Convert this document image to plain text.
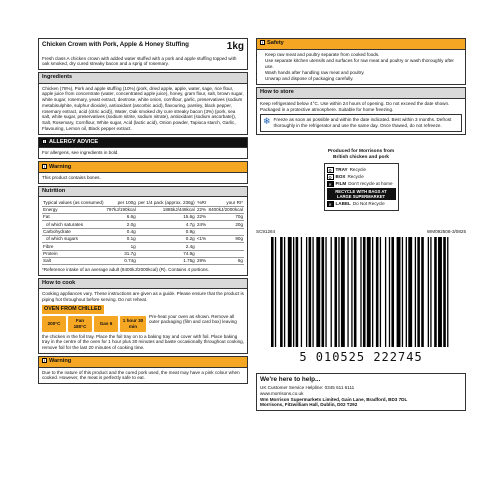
Chicken Crown with Pork, Apple & Honey Stuffing	1kg
Fresh class A chicken crown with added water stuffed with a pork and apple stuffing topped with oak smoked, dry cured streaky bacon and a sprig of rosemary.
Ingredients
Chicken (78%), Pork and apple stuffing (10%) (pork, dried apple, apple, water, sage, rice flour, apple juice from concentrate (water, concentrated apple juice), honey, gram flour, salt, brown sugar, white sugar, rosemary, yeast extract, dextrose, white onion, cornflour, garlic, preservatives (sodium metabisulphite, sulphur dioxide), antioxidant (ascorbic acid), flavouring, parsley, black pepper, rosemary extract, acid (citric acid)), Water, Oak smoked dry cure streaky bacon (3%) (pork, sea salt, white sugar, preservatives (sodium nitrite, sodium nitrate), antioxidant (sodium ascorbate)), Salt, Rosemary, Cornflour, White sugar, Acid (lactic acid), Onion powder, Tapioca starch, Garlic, Flavouring, Lemon oil, Black pepper extract.
! ALLERGY ADVICE
For allergens, see ingredients in bold.
! Warning
This product contains bones.
Nutrition
Typical values (as consumed)	per 100g	per 1/4 pack (approx. 236g)	%RI	your RI*
Energy	797kJ/190kcal	1885kJ/448kcal	22%	8400kJ/2000kcal
Fat	6.6g	15.6g	22%	70g
of which saturates	2.0g	4.7g	24%	20g
Carbohydrate	0.4g	0.9g		
of which sugars	0.1g	0.2g	<1%	90g
Fibre	1g	2.4g		
Protein	31.7g	74.9g		
Salt	0.74g	1.75g	29%	6g
*Reference intake of an average adult (8400kJ/2000kcal) (R). Contains 4 portions.
How to cook
Cooking appliances vary. These instructions are given as a guide. Please ensure that the product is piping hot throughout before serving. Do not reheat.
OVEN FROM CHILLED
200°C
Fan 180°C
Gas 6
1 hour 30 min
Pre-heat your oven as shown. Remove all outer packaging (film and card box) leaving
the chicken in the foil tray. Place the foil tray on to a baking tray and cover with foil. Place baking tray in the centre of the oven for 1 hour plus 30 minutes and baste occasionally throughout cooking, remove foil for the last 20 minutes of cooking time.
! Warning
Due to the nature of this product and the cured pork used, the meat may have a pink colour when cooked. However, the meat is perfectly safe to eat.
! Safety
• Keep raw meat and poultry separate from cooked foods.
• Use separate kitchen utensils and surfaces for raw meat and poultry or wash thoroughly after use.
• Wash hands after handling raw meat and poultry.
• Unwrap and dispose of packaging carefully.
How to store
Keep refrigerated below 4°C. Use within 24 hours of opening. Do not exceed the date shown. Packaged in a protective atmosphere. Suitable for home freezing.
❄ Freeze as soon as possible and within the date indicated. Best within 3 months. Defrost thoroughly in the refrigerator and use the same day. Once thawed, do not refreeze.
Produced for Morrisons from British chicken and pork
♻ TRAY Recycle
♻ BOX Recycle
✕ FILM Don't recycle at home
RECYCLE WITH BAGS AT LARGE SUPERMARKET
✕ LABEL Do Not Recycle
SC91284	WM092508-3/0825
5 010525 222745
We're here to help...
UK Customer Service Helpline: 0345 611 6111
www.morrisons.co.uk
Wm Morrison Supermarkets Limited, Gain Lane, Bradford, BD3 7DL
Morrisons, Fitzwilliam Hall, Dublin, D02 T292
